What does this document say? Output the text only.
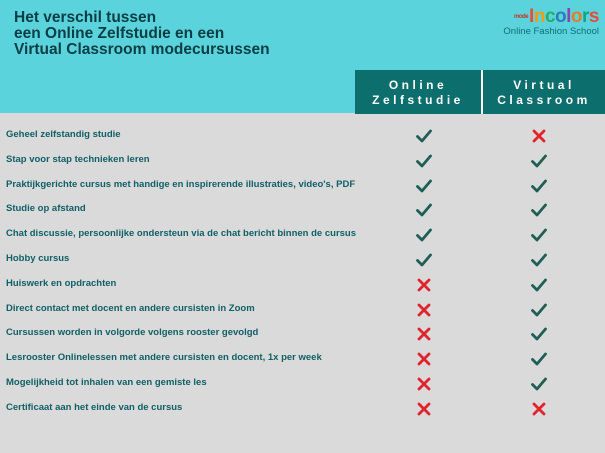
Het verschil tussen
een Online Zelfstudie en een
Virtual Classroom modecursussen
$^{mode}$Incolors
Online Fashion School
Online
Zelfstudie
Virtual
Classroom
Geheel zelfstandig studie
Stap voor stap technieken leren
Praktijkgerichte cursus met handige en inspirerende illustraties, video's, PDF
Studie op afstand
Chat discussie, persoonlijke ondersteun via de chat bericht binnen de cursus
Hobby cursus
Huiswerk en opdrachten
Direct contact met docent en andere cursisten in Zoom
Cursussen worden in volgorde volgens rooster gevolgd
Lesrooster Onlinelessen met andere cursisten en docent, 1x per week
Mogelijkheid tot inhalen van een gemiste les
Certificaat aan het einde van de cursus
